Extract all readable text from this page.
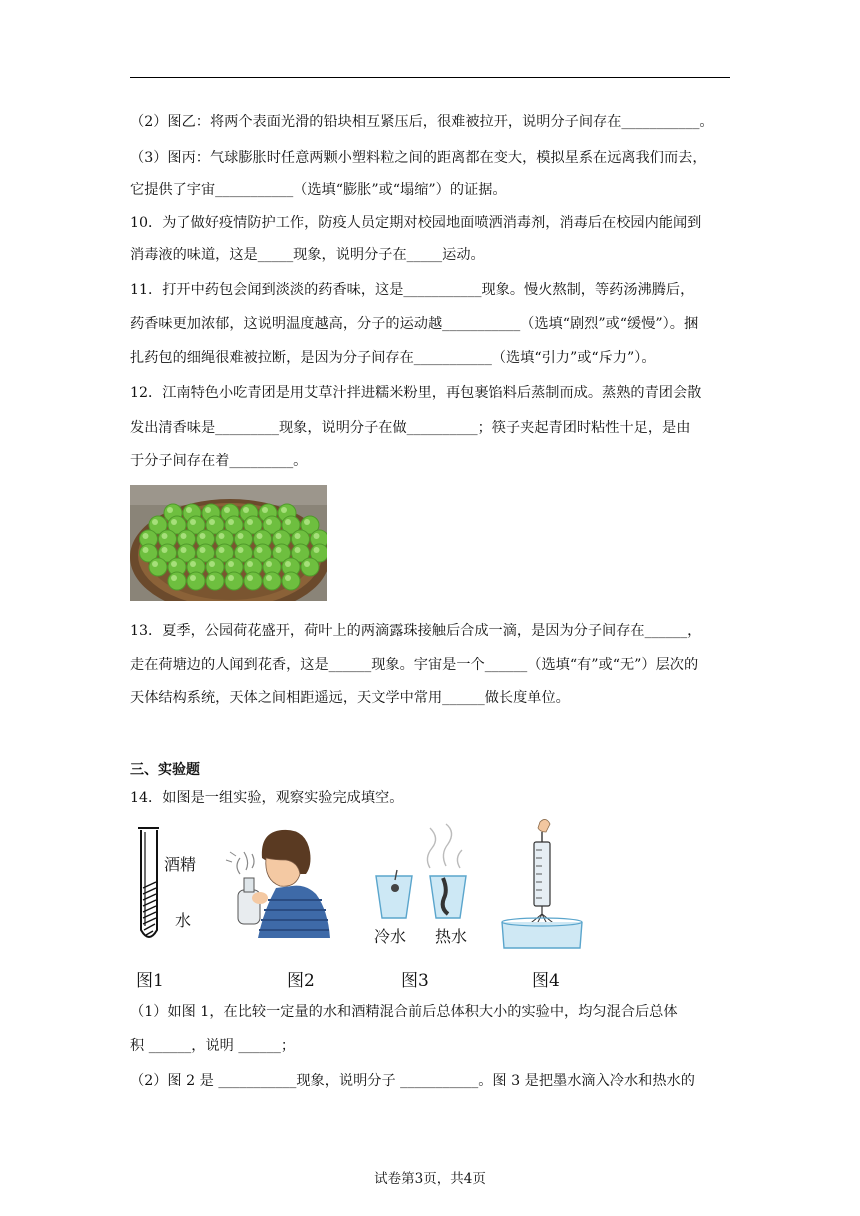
（2）图乙：将两个表面光滑的铅块相互紧压后，很难被拉开，说明分子间存在___________。
（3）图丙：气球膨胀时任意两颗小塑料粒之间的距离都在变大，模拟星系在远离我们而去，
它提供了宇宙___________（选填“膨胀”或“塌缩”）的证据。
10．为了做好疫情防护工作，防疫人员定期对校园地面喷洒消毒剂，消毒后在校园内能闻到
消毒液的味道，这是_____现象，说明分子在_____运动。
11．打开中药包会闻到淡淡的药香味，这是___________现象。慢火熬制，等药汤沸腾后，
药香味更加浓郁，这说明温度越高，分子的运动越___________（选填“剧烈”或“缓慢”）。捆
扎药包的细绳很难被拉断，是因为分子间存在___________（选填“引力”或“斥力”）。
12．江南特色小吃青团是用艾草汁拌进糯米粉里，再包裹馅料后蒸制而成。蒸熟的青团会散
发出清香味是_________现象，说明分子在做__________；筷子夹起青团时粘性十足，是由
于分子间存在着_________。
13．夏季，公园荷花盛开，荷叶上的两滴露珠接触后合成一滴，是因为分子间存在______，
走在荷塘边的人闻到花香，这是______现象。宇宙是一个______（选填“有”或“无”）层次的
天体结构系统，天体之间相距遥远，天文学中常用______做长度单位。
三、实验题
14．如图是一组实验，观察实验完成填空。
酒精
水
冷水 热水
图1	图2	图3	图4
（1）如图 1，在比较一定量的水和酒精混合前后总体积大小的实验中，均匀混合后总体
积 ______，说明 ______；
（2）图 2 是 ___________现象，说明分子 ___________。图 3 是把墨水滴入冷水和热水的
试卷第3页，共4页
